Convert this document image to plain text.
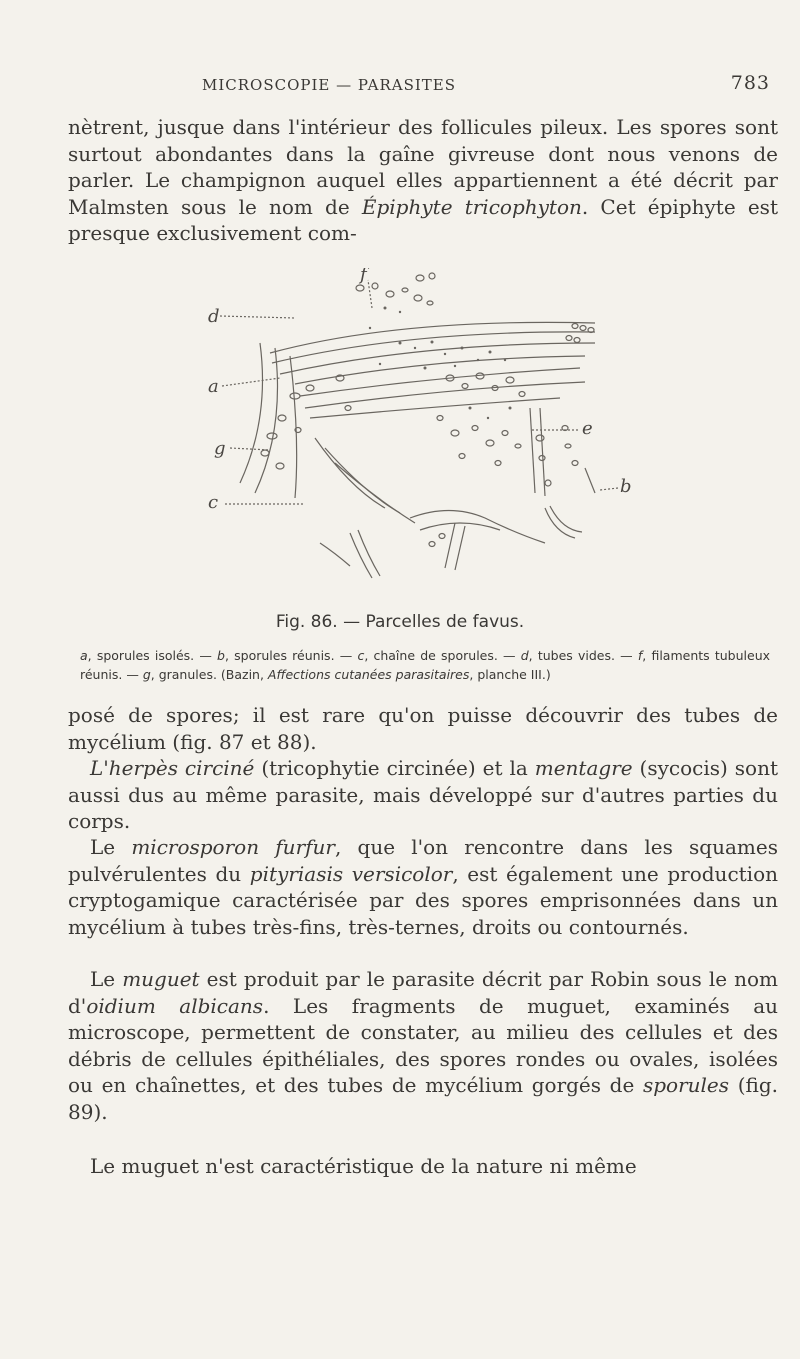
MICROSCOPIE — PARASITES	783

nètrent, jusque dans l'intérieur des follicules pileux. Les spores sont surtout abondantes dans la gaîne givreuse dont nous venons de parler. Le champignon auquel elles appartiennent a été décrit par Malmsten sous le nom de Épiphyte tricophyton. Cet épiphyte est presque exclusivement com-

d
f
a
g
c
e
b
Fig. 86. — Parcelles de favus.

a, sporules isolés. — b, sporules réunis. — c, chaîne de sporules. — d, tubes vides. — f, filaments tubuleux réunis. — g, granules. (Bazin, Affections cutanées parasitaires, planche III.)

posé de spores; il est rare qu'on puisse découvrir des tubes de mycélium (fig. 87 et 88).

L'herpès circiné (tricophytie circinée) et la mentagre (sycocis) sont aussi dus au même parasite, mais développé sur d'autres parties du corps.

Le microsporon furfur, que l'on rencontre dans les squames pulvérulentes du pityriasis versicolor, est également une production cryptogamique caractérisée par des spores emprisonnées dans un mycélium à tubes très-fins, très-ternes, droits ou contournés.

Le muguet est produit par le parasite décrit par Robin sous le nom d'oidium albicans. Les fragments de muguet, examinés au microscope, permettent de constater, au milieu des cellules et des débris de cellules épithéliales, des spores rondes ou ovales, isolées ou en chaînettes, et des tubes de mycélium gorgés de sporules (fig. 89).

Le muguet n'est caractéristique de la nature ni même
